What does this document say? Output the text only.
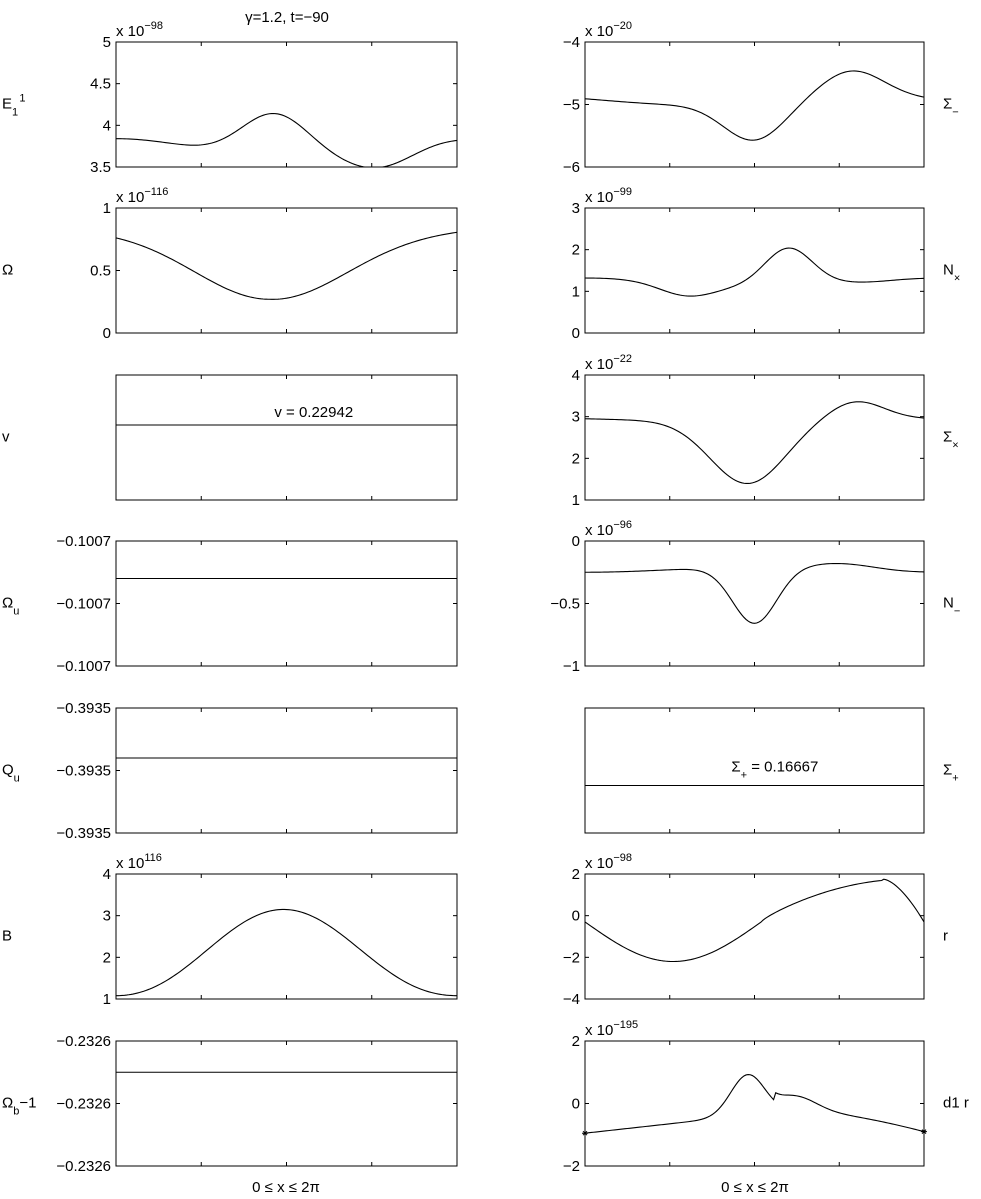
γ=1.2, t=−90
0 ≤ x ≤ 2π	0 ≤ x ≤ 2π
3.5
4
4.5
5
x $10^{-98}$
$E_1^1$
0
0.5
1
x $10^{-116}$
Ω
v
v = 0.22942
−0.1007
−0.1007
−0.1007
$\Omega_u$
−0.3935
−0.3935
−0.3935
$Q_u$
1
2
3
4
x $10^{116}$
B
−0.2326
−0.2326
−0.2326
$\Omega_b-1$
−6
−5
−4
x $10^{-20}$
$\Sigma_-$
0
1
2
3
x $10^{-99}$
$N_\times$
1
2
3
4
x $10^{-22}$
$\Sigma_\times$
−1
−0.5
0
x $10^{-96}$
$N_-$
$\Sigma_+$
$\Sigma_+ = 0.16667$
−4
−2
0
2
x $10^{-98}$
r
−2
0
2
x $10^{-195}$
d1 r
